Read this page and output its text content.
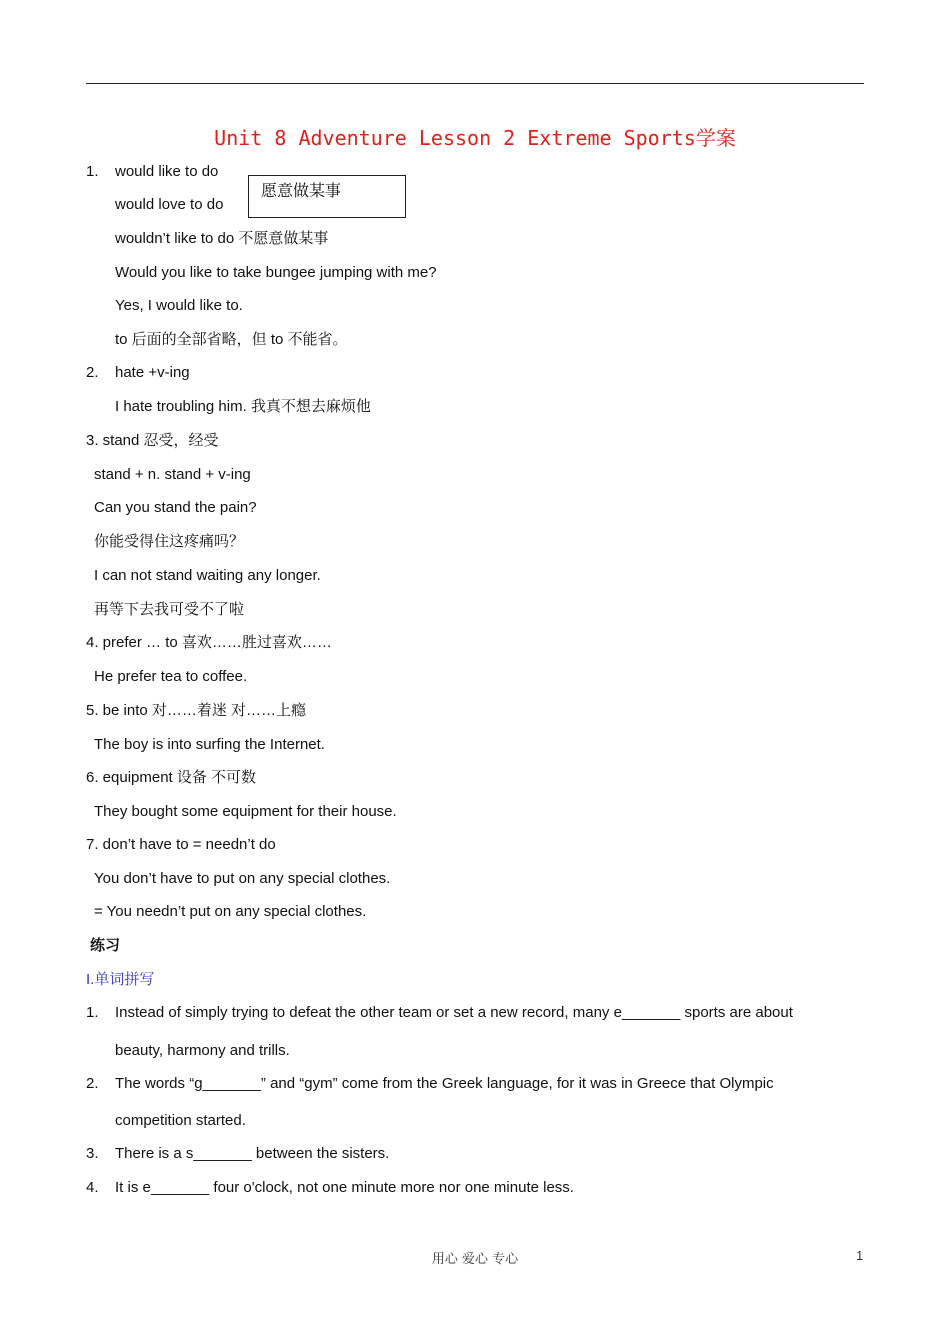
Unit 8 Adventure Lesson 2 Extreme Sports学案
1. would like to do
would love to do
愿意做某事
wouldn’t like to do 不愿意做某事
Would you like to take bungee jumping with me?
Yes, I would like to.
to 后面的全部省略，但 to 不能省。
2. hate +v-ing
I hate troubling him. 我真不想去麻烦他
3. stand 忍受，经受
stand + n. stand + v-ing
Can you stand the pain?
你能受得住这疼痛吗？
I can not stand waiting any longer.
再等下去我可受不了啦
4. prefer … to 喜欢……胜过喜欢……
He prefer tea to coffee.
5. be into 对……着迷 对……上瘾
The boy is into surfing the Internet.
6. equipment 设备 不可数
They bought some equipment for their house.
7. don’t have to = needn’t do
You don’t have to put on any special clothes.
= You needn’t put on any special clothes.
练习
I.单词拼写
1. Instead of simply trying to defeat the other team or set a new record, many e_______ sports are about
beauty, harmony and trills.
2. The words “g_______” and “gym” come from the Greek language, for it was in Greece that Olympic
competition started.
3. There is a s_______ between the sisters.
4. It is e_______ four o'clock, not one minute more nor one minute less.
用心 爱心 专心	1
